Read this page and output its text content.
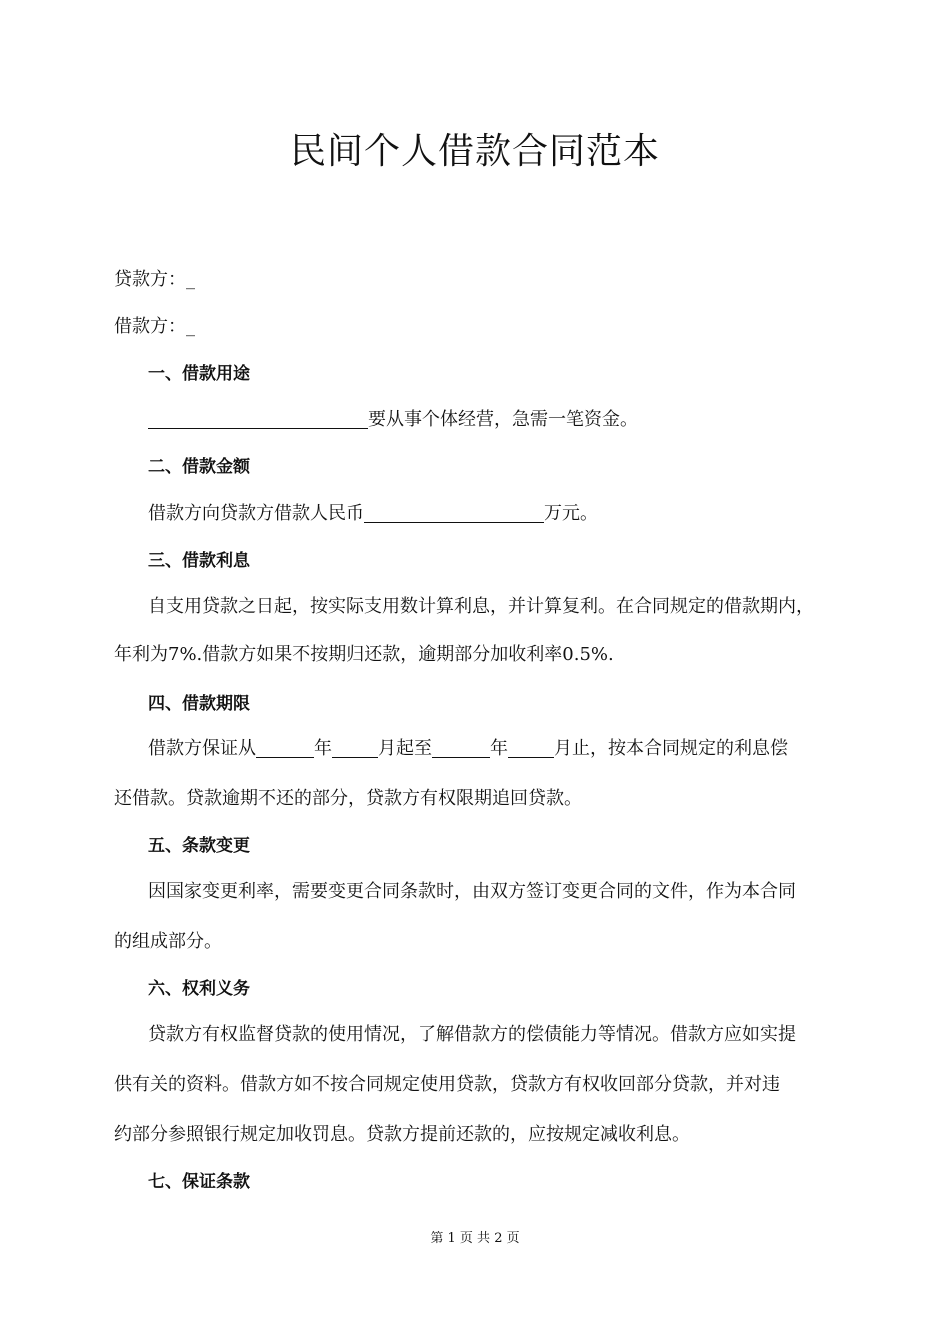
民间个人借款合同范本
贷款方：_
借款方：_
一、借款用途
要从事个体经营，急需一笔资金。
二、借款金额
借款方向贷款方借款人民币	万元。
三、借款利息
自支用贷款之日起，按实际支用数计算利息，并计算复利。在合同规定的借款期内，
年利为7%.借款方如果不按期归还款，逾期部分加收利率0.5%.
四、借款期限
借款方保证从	年	月起至	年	月止，按本合同规定的利息偿
还借款。贷款逾期不还的部分，贷款方有权限期追回贷款。
五、条款变更
因国家变更利率，需要变更合同条款时，由双方签订变更合同的文件，作为本合同
的组成部分。
六、权利义务
贷款方有权监督贷款的使用情况，了解借款方的偿债能力等情况。借款方应如实提
供有关的资料。借款方如不按合同规定使用贷款，贷款方有权收回部分贷款，并对违
约部分参照银行规定加收罚息。贷款方提前还款的，应按规定减收利息。
七、保证条款
第 1 页 共 2 页
